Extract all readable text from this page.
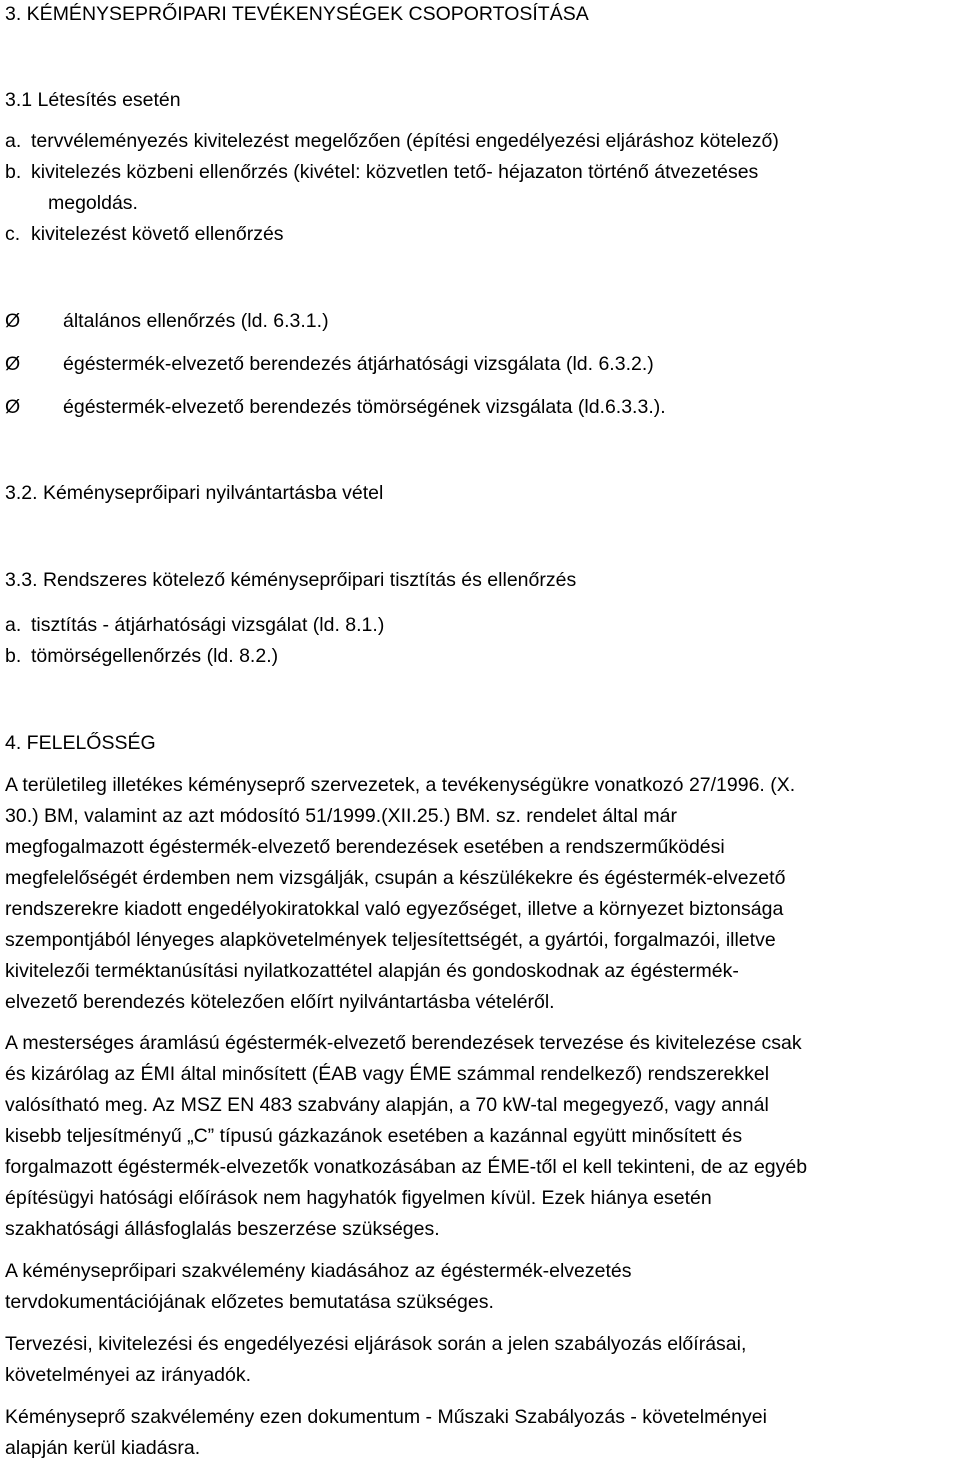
3. KÉMÉNYSEPRŐIPARI TEVÉKENYSÉGEK CSOPORTOSÍTÁSA
3.1 Létesítés esetén
a. tervvéleményezés kivitelezést megelőzően (építési engedélyezési eljáráshoz kötelező)
b. kivitelezés közbeni ellenőrzés (kivétel: közvetlen tető- héjazaton történő átvezetéses
megoldás.
c. kivitelezést követő ellenőrzés
Ø általános ellenőrzés (ld. 6.3.1.)
Ø égéstermék-elvezető berendezés átjárhatósági vizsgálata (ld. 6.3.2.)
Ø égéstermék-elvezető berendezés tömörségének vizsgálata (ld.6.3.3.).
3.2. Kéményseprőipari nyilvántartásba vétel
3.3. Rendszeres kötelező kéményseprőipari tisztítás és ellenőrzés
a. tisztítás - átjárhatósági vizsgálat (ld. 8.1.)
b. tömörségellenőrzés (ld. 8.2.)
4. FELELŐSSÉG
A területileg illetékes kéményseprő szervezetek, a tevékenységükre vonatkozó 27/1996. (X.
30.) BM, valamint az azt módosító 51/1999.(XII.25.) BM. sz. rendelet által már
megfogalmazott égéstermék-elvezető berendezések esetében a rendszerműködési
megfelelőségét érdemben nem vizsgálják, csupán a készülékekre és égéstermék-elvezető
rendszerekre kiadott engedélyokiratokkal való egyezőséget, illetve a környezet biztonsága
szempontjából lényeges alapkövetelmények teljesítettségét, a gyártói, forgalmazói, illetve
kivitelezői terméktanúsítási nyilatkozattétel alapján és gondoskodnak az égéstermék-
elvezető berendezés kötelezően előírt nyilvántartásba vételéről.
A mesterséges áramlású égéstermék-elvezető berendezések tervezése és kivitelezése csak
és kizárólag az ÉMI által minősített (ÉAB vagy ÉME számmal rendelkező) rendszerekkel
valósítható meg. Az MSZ EN 483 szabvány alapján, a 70 kW-tal megegyező, vagy annál
kisebb teljesítményű „C” típusú gázkazánok esetében a kazánnal együtt minősített és
forgalmazott égéstermék-elvezetők vonatkozásában az ÉME-től el kell tekinteni, de az egyéb
építésügyi hatósági előírások nem hagyhatók figyelmen kívül. Ezek hiánya esetén
szakhatósági állásfoglalás beszerzése szükséges.
A kéményseprőipari szakvélemény kiadásához az égéstermék-elvezetés
tervdokumentációjának előzetes bemutatása szükséges.
Tervezési, kivitelezési és engedélyezési eljárások során a jelen szabályozás előírásai,
követelményei az irányadók.
Kéményseprő szakvélemény ezen dokumentum - Műszaki Szabályozás - követelményei
alapján kerül kiadásra.
